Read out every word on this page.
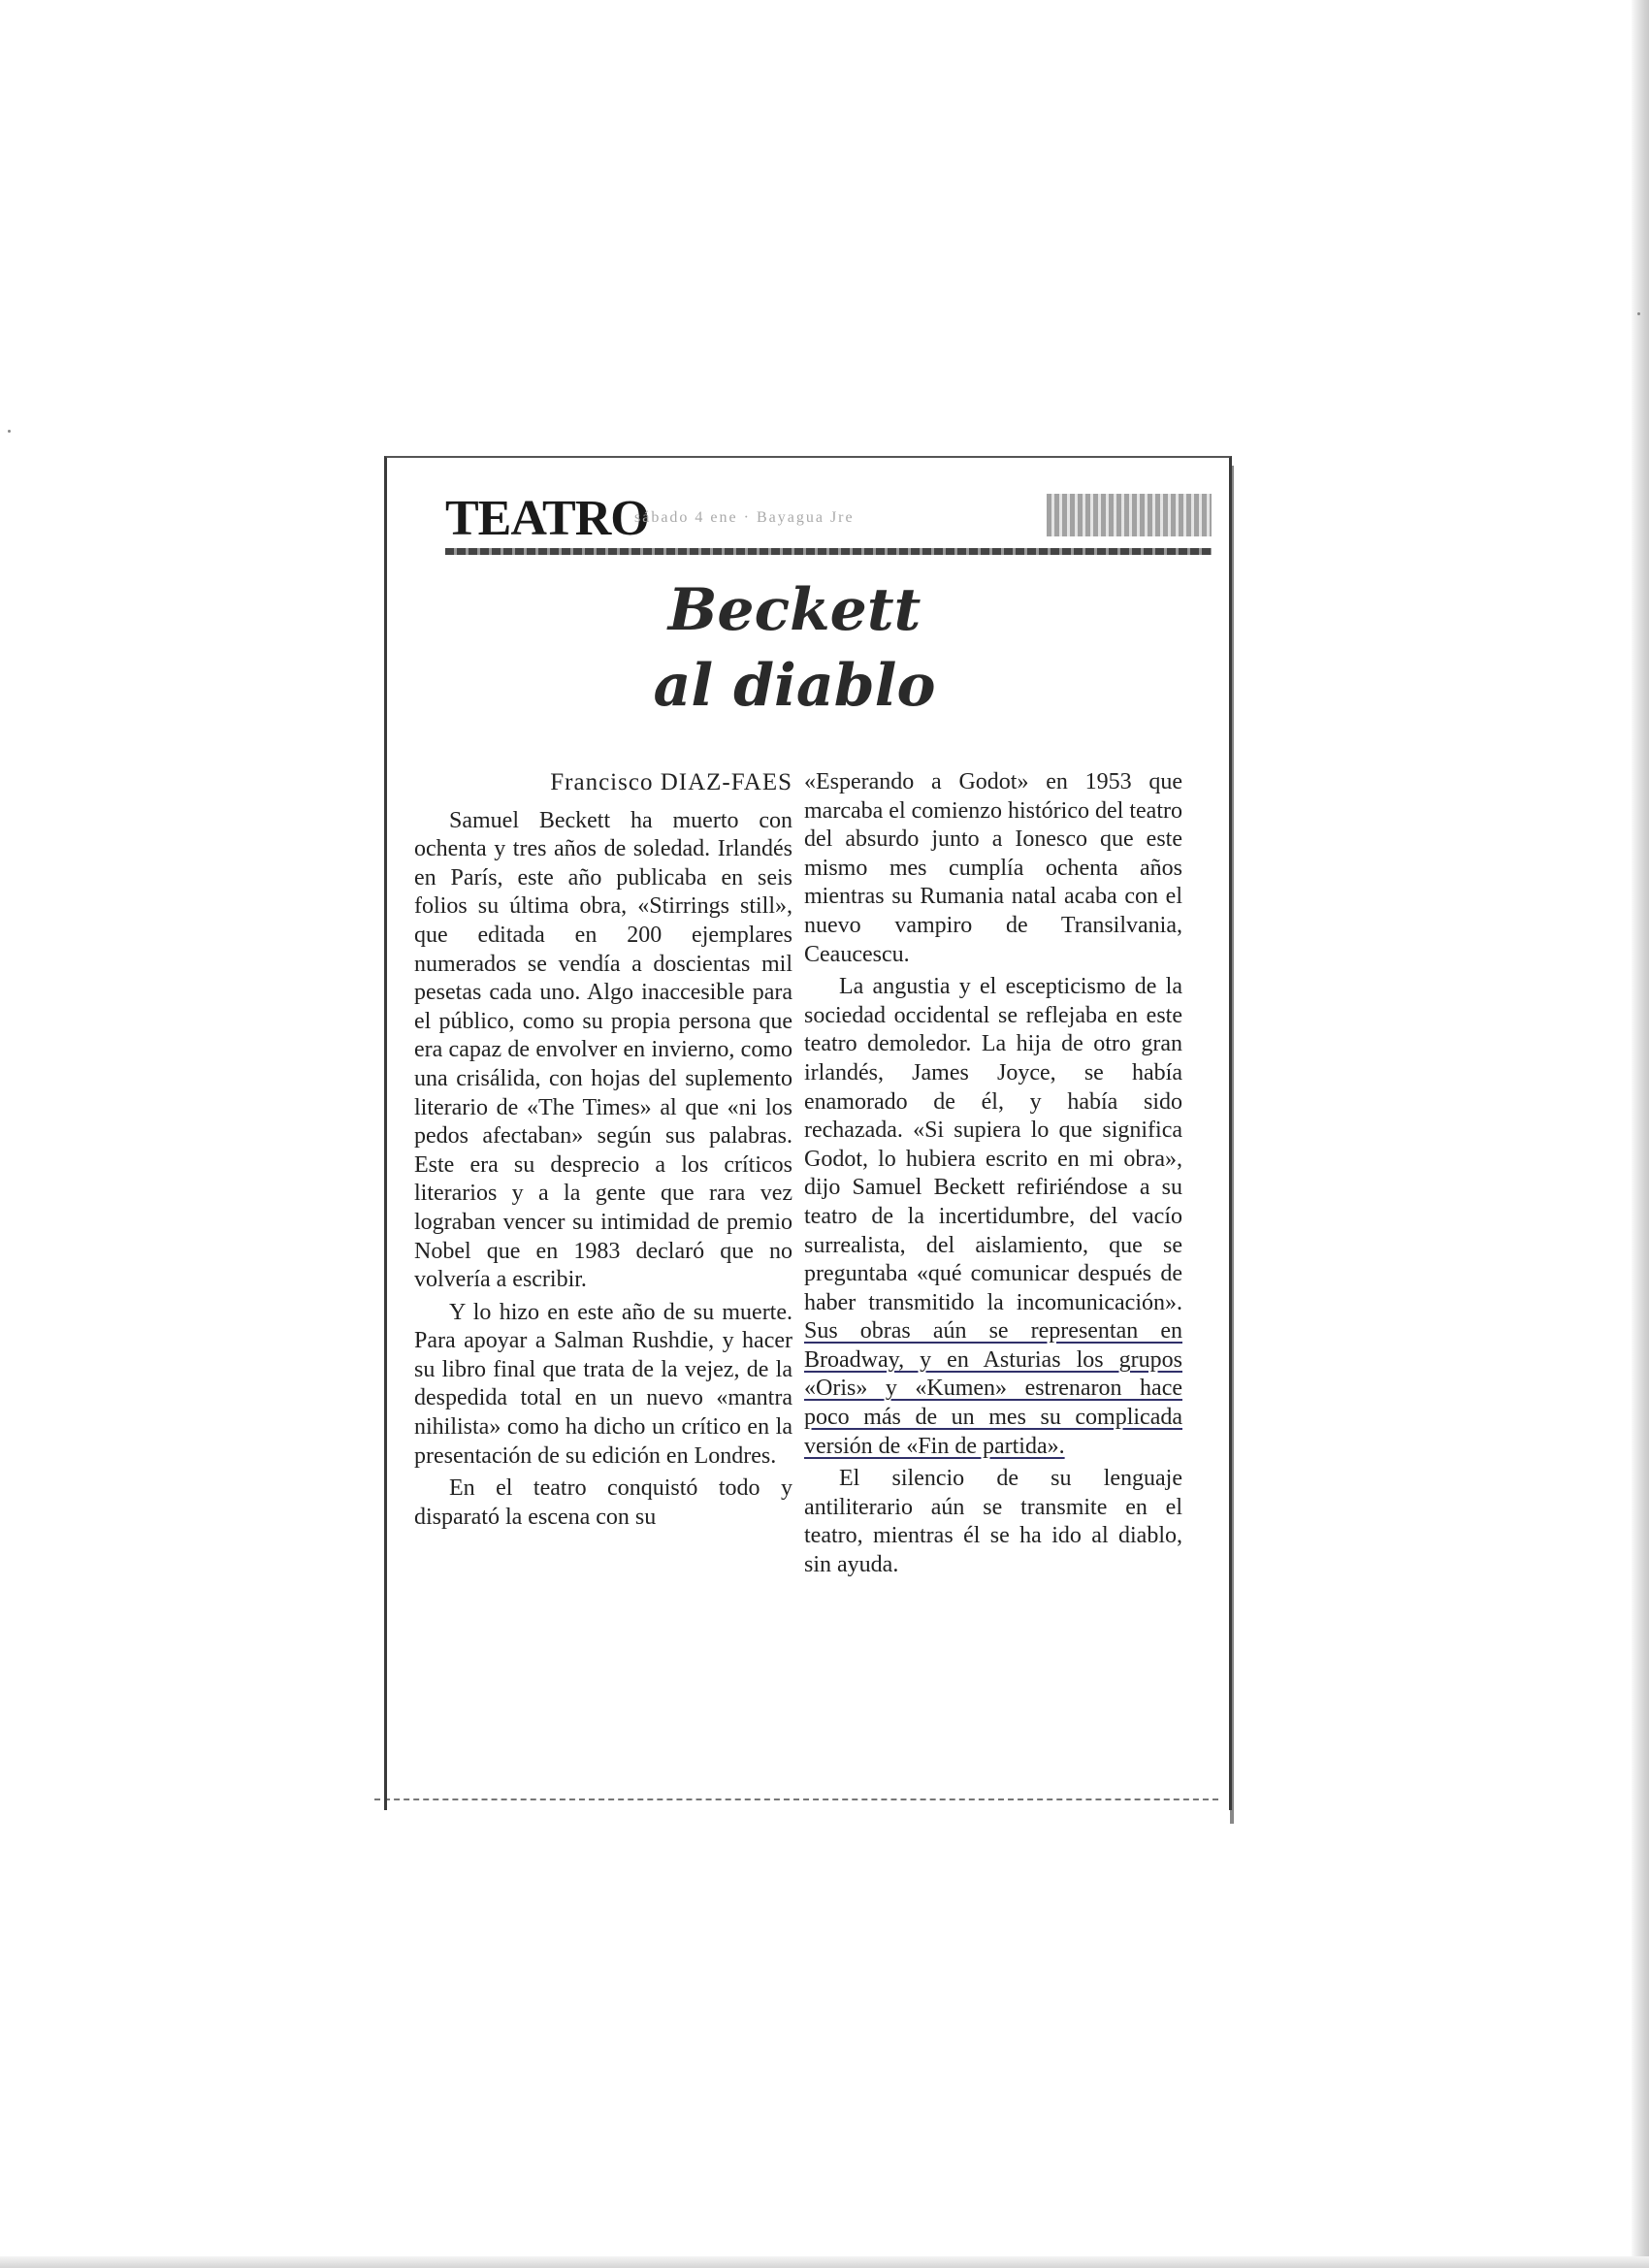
TEATRO
sábado 4 ene · Bayagua Jre
Beckett
al diablo
Francisco DIAZ-FAES

Samuel Beckett ha muerto con ochenta y tres años de soledad. Irlandés en París, este año publicaba en seis folios su última obra, «Stirrings still», que editada en 200 ejemplares numerados se vendía a doscientas mil pesetas cada uno. Algo inaccesible para el público, como su propia persona que era capaz de envolver en invierno, como una crisálida, con hojas del suplemento literario de «The Times» al que «ni los pedos afectaban» según sus palabras. Este era su desprecio a los críticos literarios y a la gente que rara vez lograban vencer su intimidad de premio Nobel que en 1983 declaró que no volvería a escribir.

Y lo hizo en este año de su muerte. Para apoyar a Salman Rushdie, y hacer su libro final que trata de la vejez, de la despedida total en un nuevo «mantra nihilista» como ha dicho un crítico en la presentación de su edición en Londres.

En el teatro conquistó todo y disparató la escena con su

«Esperando a Godot» en 1953 que marcaba el comienzo histórico del teatro del absurdo junto a Ionesco que este mismo mes cumplía ochenta años mientras su Rumania natal acaba con el nuevo vampiro de Transilvania, Ceaucescu.

La angustia y el escepticismo de la sociedad occidental se reflejaba en este teatro demoledor. La hija de otro gran irlandés, James Joyce, se había enamorado de él, y había sido rechazada. «Si supiera lo que significa Godot, lo hubiera escrito en mi obra», dijo Samuel Beckett refiriéndose a su teatro de la incertidumbre, del vacío surrealista, del aislamiento, que se preguntaba «qué comunicar después de haber transmitido la incomunicación». Sus obras aún se representan en Broadway, y en Asturias los grupos «Oris» y «Kumen» estrenaron hace poco más de un mes su complicada versión de «Fin de partida».

El silencio de su lenguaje antiliterario aún se transmite en el teatro, mientras él se ha ido al diablo, sin ayuda.
